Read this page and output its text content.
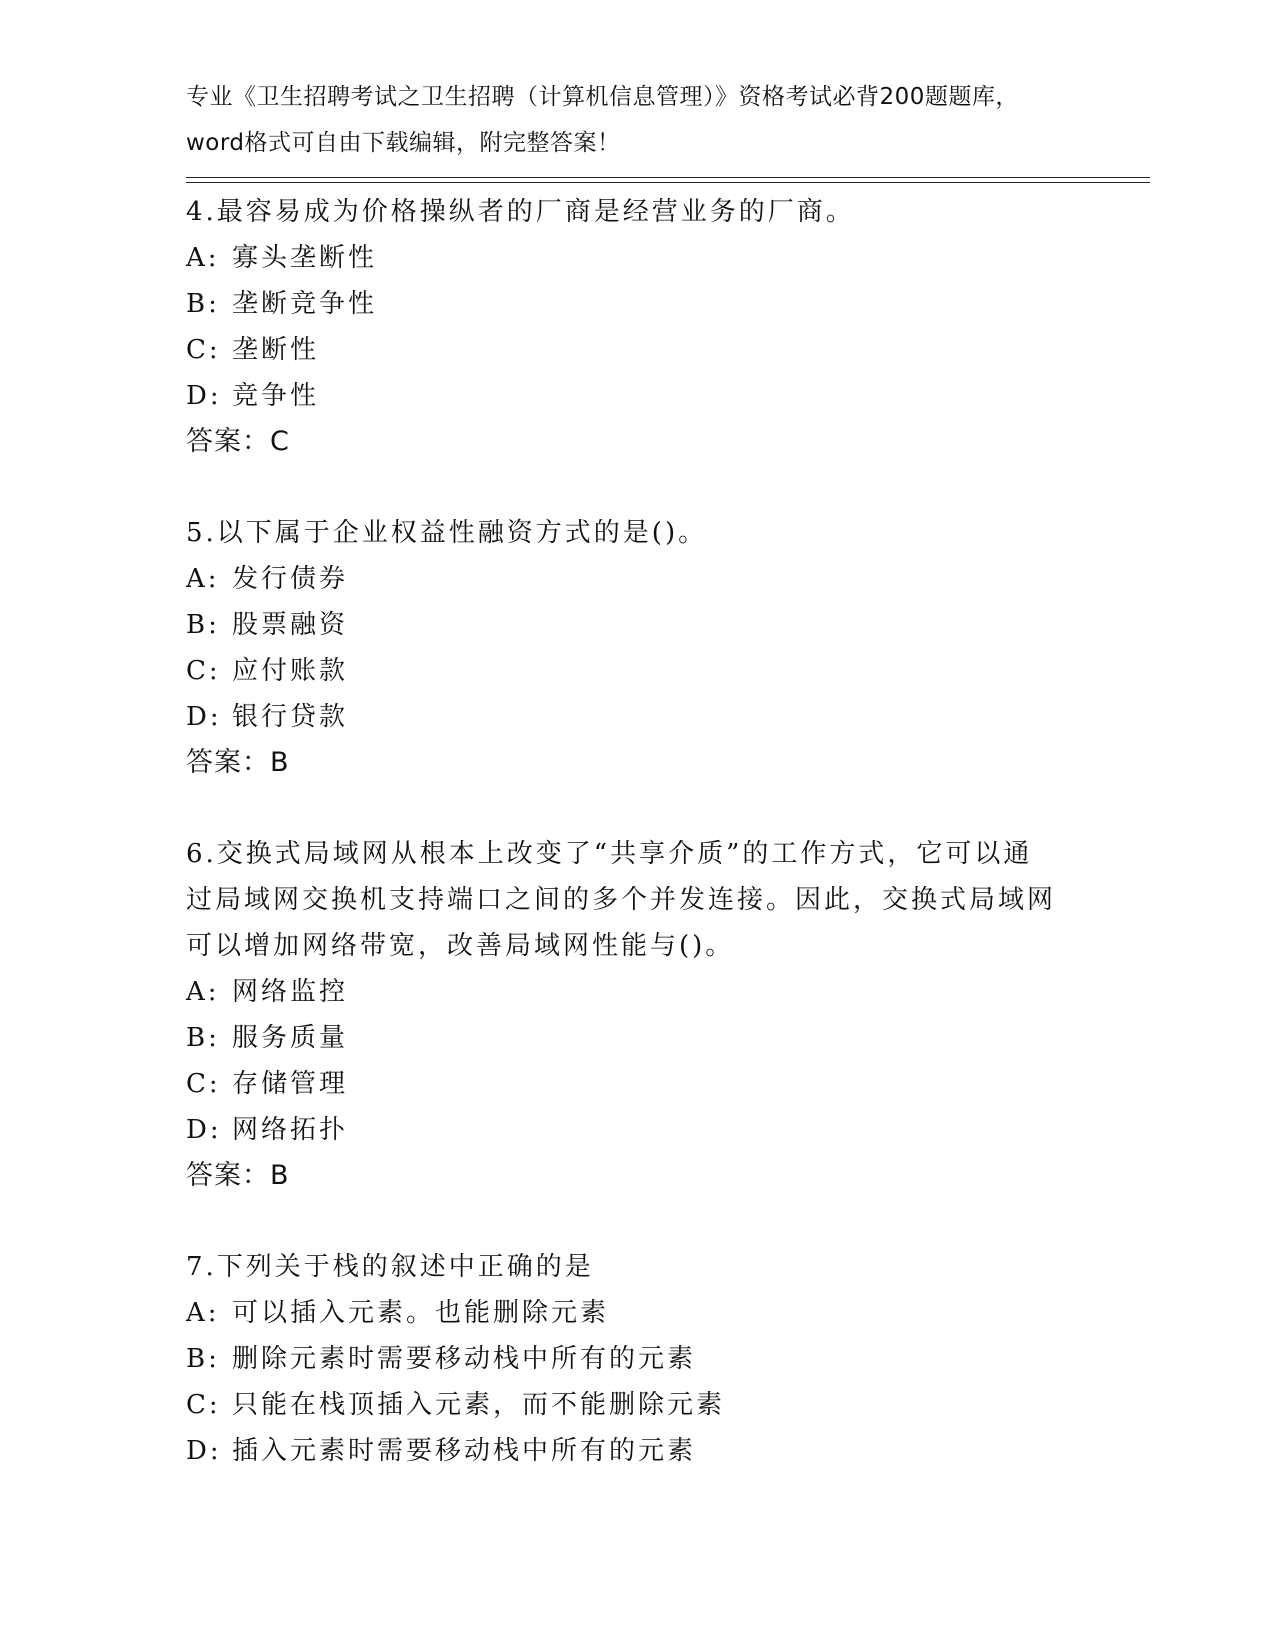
专业《卫生招聘考试之卫生招聘（计算机信息管理）》资格考试必背200题题库，
word格式可自由下载编辑，附完整答案！
4.最容易成为价格操纵者的厂商是经营业务的厂商。
A: 寡头垄断性
B: 垄断竞争性
C: 垄断性
D: 竞争性
答案：C
5.以下属于企业权益性融资方式的是()。
A: 发行债券
B: 股票融资
C: 应付账款
D: 银行贷款
答案：B
6.交换式局域网从根本上改变了“共享介质”的工作方式，它可以通
过局域网交换机支持端口之间的多个并发连接。因此，交换式局域网
可以增加网络带宽，改善局域网性能与()。
A: 网络监控
B: 服务质量
C: 存储管理
D: 网络拓扑
答案：B
7.下列关于栈的叙述中正确的是
A: 可以插入元素。也能删除元素
B: 删除元素时需要移动栈中所有的元素
C: 只能在栈顶插入元素，而不能删除元素
D: 插入元素时需要移动栈中所有的元素
